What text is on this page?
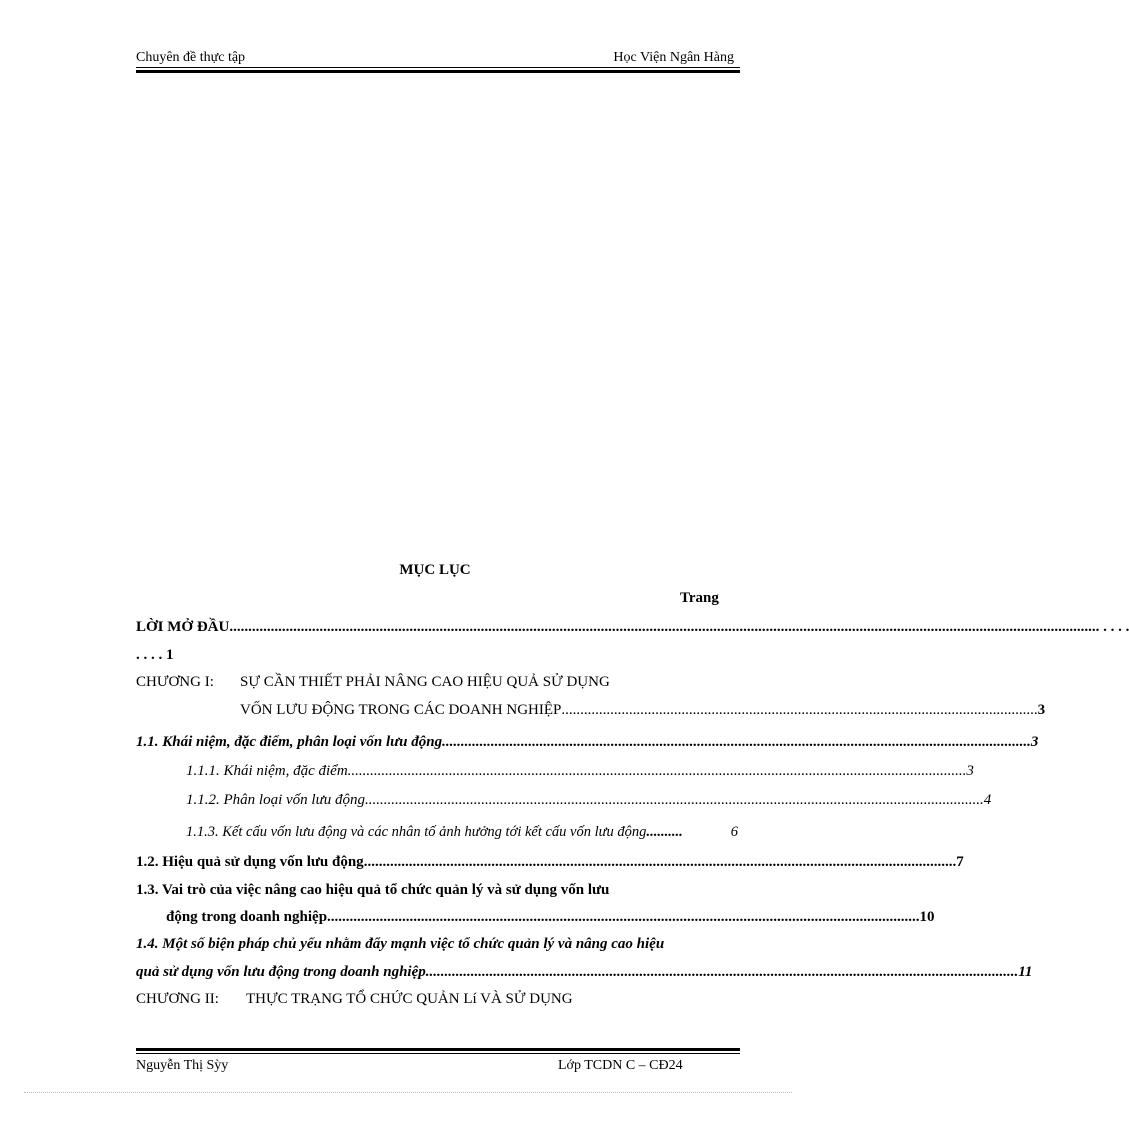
Chuyên đề thực tập	Học Viện Ngân Hàng
MỤC LỤC
Trang
LỜI MỞ ĐẦU ....................................................................................................................................................................................................................................... . . . . .
. . . . 1
CHƯƠNG I: SỰ CẦN THIẾT PHẢI NÂNG CAO HIỆU QUẢ SỬ DỤNG
VỐN LƯU ĐỘNG TRONG CÁC DOANH NGHIỆP ............................................................................................................................... 3
1.1. Khái niệm, đặc điểm, phân loại vốn lưu động ............................................................................................................................................................. 3
1.1.1. Khái niệm, đặc điểm ..................................................................................................................................................................... 3
1.1.2. Phân loại vốn lưu động ..................................................................................................................................................................... 4
1.1.3. Kết cấu vốn lưu động và các nhân tố ảnh hưởng tới kết cấu vốn lưu động ..........	6
1.2. Hiệu quả sử dụng vốn lưu động .............................................................................................................................................................. 7
1.3. Vai trò của việc nâng cao hiệu quả tổ chức quản lý và sử dụng vốn lưu
động trong doanh nghiệp .............................................................................................................................................................. 10
1.4. Một số biện pháp chủ yếu nhằm đẩy mạnh việc tổ chức quản lý và nâng cao hiệu
quả sử dụng vốn lưu động trong doanh nghiệp .............................................................................................................................................................. 11
CHƯƠNG II: THỰC TRẠNG TỔ CHỨC QUẢN Lí VÀ SỬ DỤNG
Nguyễn Thị Sỳy	Lớp TCDN C – CĐ24
